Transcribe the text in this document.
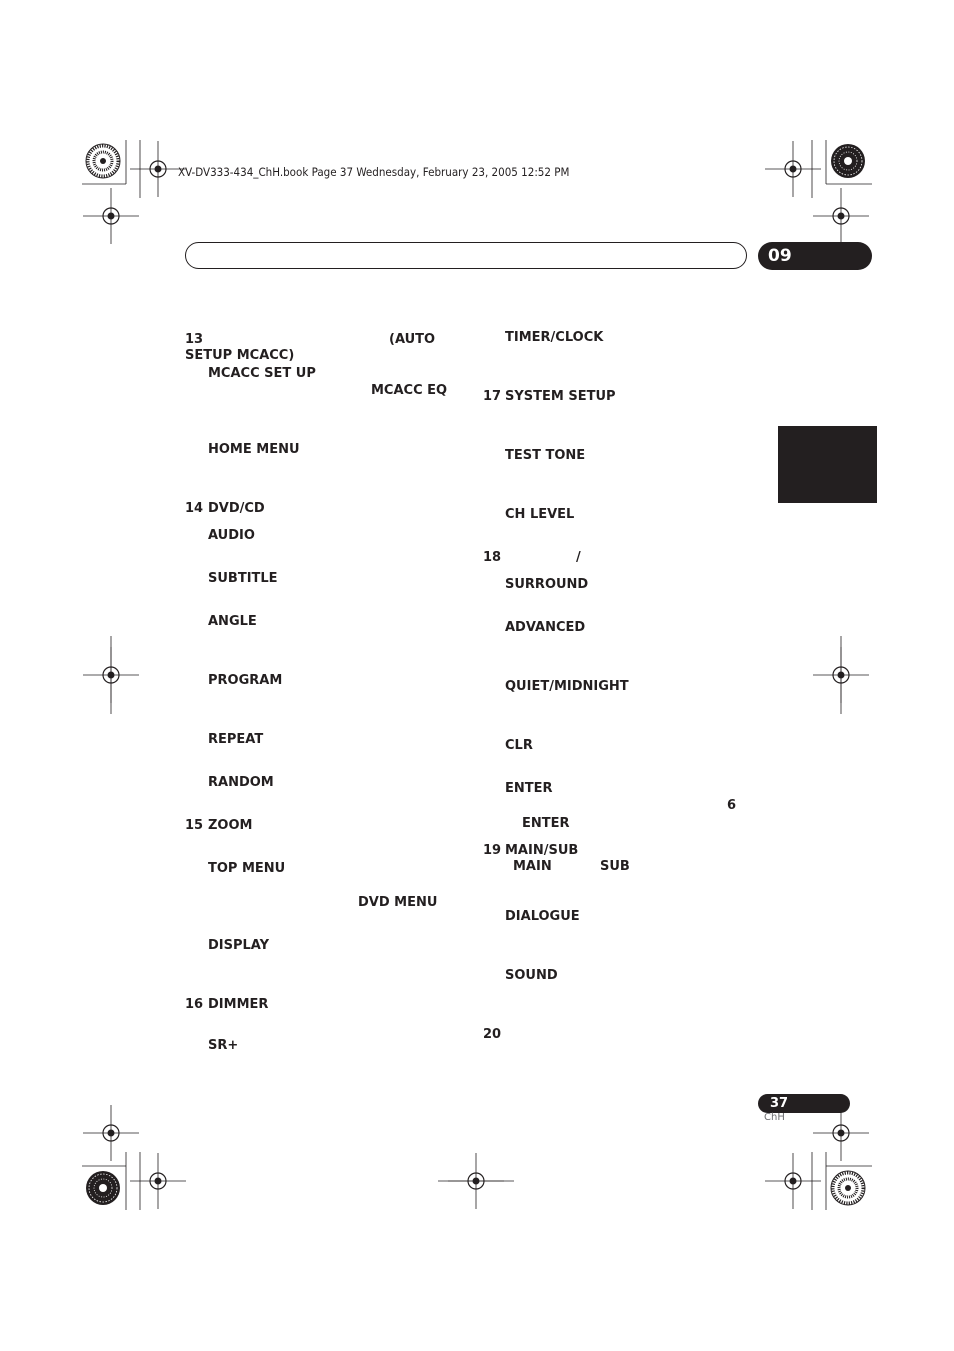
XV-DV333-434_ChH.book Page 37 Wednesday, February 23, 2005 12:52 PM
09
13	(AUTO
SETUP MCACC)
MCACC SET UP
MCACC EQ
HOME MENU
14 DVD/CD
AUDIO
SUBTITLE
ANGLE
PROGRAM
REPEAT
RANDOM
15 ZOOM
TOP MENU
DVD MENU
DISPLAY
16 DIMMER
SR+
TIMER/CLOCK
17 SYSTEM SETUP
TEST TONE
CH LEVEL
18	/
SURROUND
ADVANCED
QUIET/MIDNIGHT
CLR
ENTER
6
ENTER
19 MAIN/SUB
MAIN	SUB
DIALOGUE
SOUND
20
37
ChH
